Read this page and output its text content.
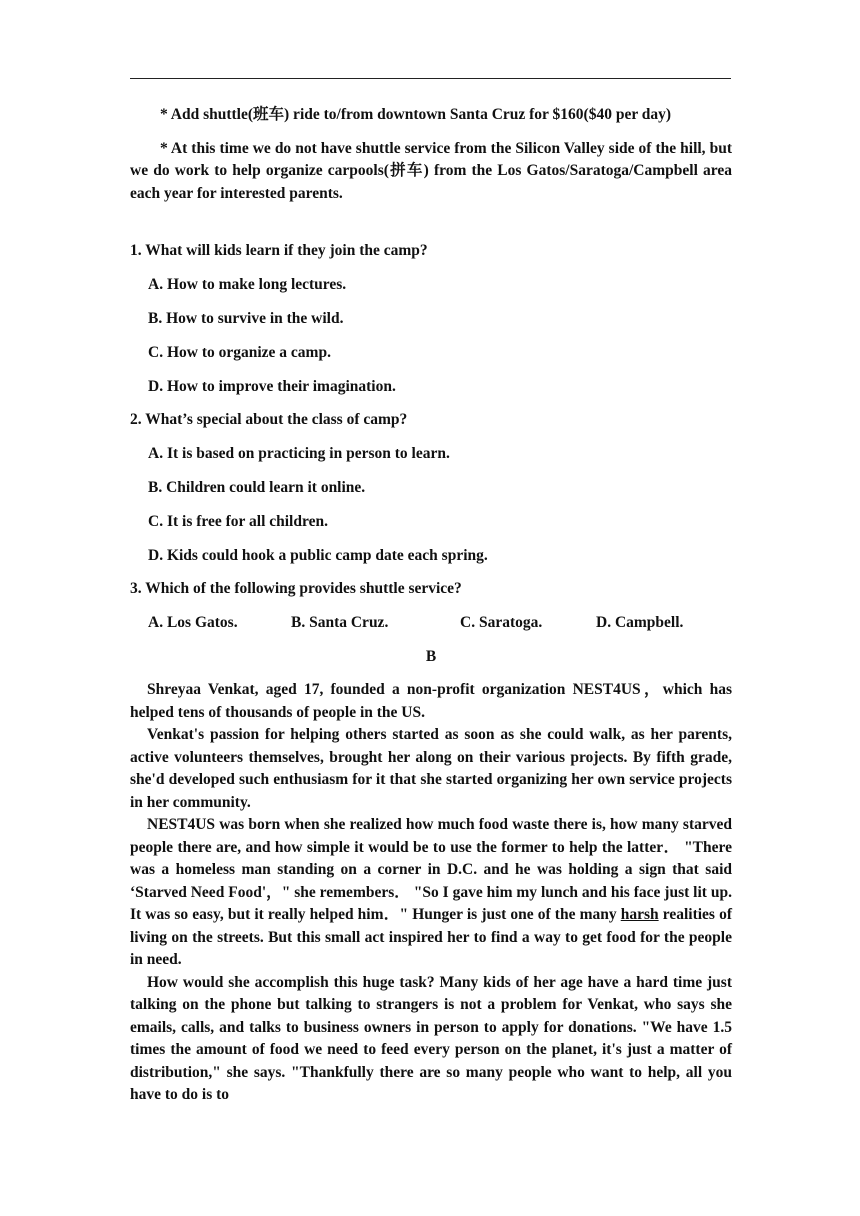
* Add shuttle(班车) ride to/from downtown Santa Cruz for $160($40 per day)

* At this time we do not have shuttle service from the Silicon Valley side of the hill, but we do work to help organize carpools(拼车) from the Los Gatos/Saratoga/Campbell area each year for interested parents.

1. What will kids learn if they join the camp?
A. How to make long lectures.
B. How to survive in the wild.
C. How to organize a camp.
D. How to improve their imagination.
2. What’s special about the class of camp?
A. It is based on practicing in person to learn.
B. Children could learn it online.
C. It is free for all children.
D. Kids could hook a public camp date each spring.
3. Which of the following provides shuttle service?
A. Los Gatos.	B. Santa Cruz.	C. Saratoga.	D. Campbell.
B

Shreyaa Venkat, aged 17, founded a non-profit organization NEST4US，which has helped tens of thousands of people in the US.

Venkat's passion for helping others started as soon as she could walk, as her parents, active volunteers themselves, brought her along on their various projects. By fifth grade, she'd developed such enthusiasm for it that she started organizing her own service projects in her community.

NEST4US was born when she realized how much food waste there is, how many starved people there are, and how simple it would be to use the former to help the latter． "There was a homeless man standing on a corner in D.C. and he was holding a sign that said ‘Starved Need Food'，" she remembers． "So I gave him my lunch and his face just lit up. It was so easy, but it really helped him．" Hunger is just one of the many harsh realities of living on the streets. But this small act inspired her to find a way to get food for the people in need.

How would she accomplish this huge task? Many kids of her age have a hard time just talking on the phone but talking to strangers is not a problem for Venkat, who says she emails, calls, and talks to business owners in person to apply for donations. "We have 1.5 times the amount of food we need to feed every person on the planet, it's just a matter of distribution," she says. "Thankfully there are so many people who want to help, all you have to do is to
